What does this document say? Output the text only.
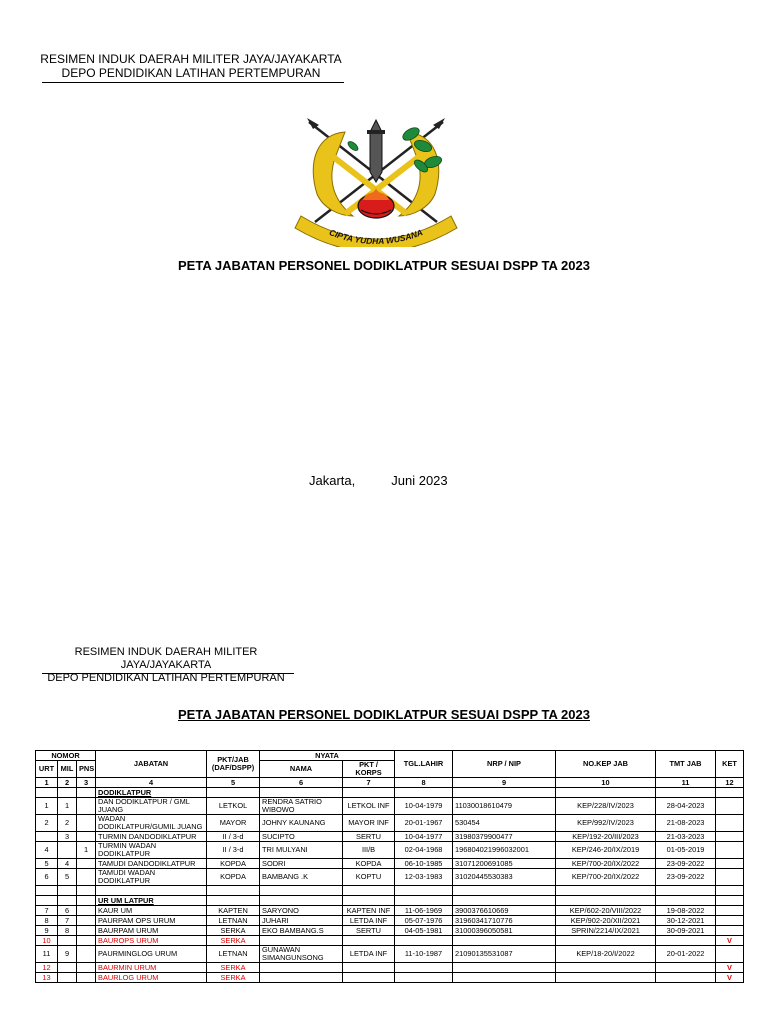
RESIMEN INDUK DAERAH MILITER JAYA/JAYAKARTA
DEPO PENDIDIKAN LATIHAN PERTEMPURAN
CIPTA YUDHA WUSANA
PETA JABATAN PERSONEL DODIKLATPUR SESUAI DSPP TA 2023
Jakarta,	Juni 2023
RESIMEN INDUK DAERAH MILITER JAYA/JAYAKARTA
DEPO PENDIDIKAN LATIHAN PERTEMPURAN
PETA JABATAN PERSONEL DODIKLATPUR SESUAI DSPP TA 2023
NOMOR			JABATAN	PKT/JAB (DAF/DSPP)	NYATA		TGL.LAHIR	NRP / NIP	NO.KEP JAB	TMT JAB	KET
URT	MIL	PNS			NAMA	PKT / KORPS					
1	2	3	4	5	6	7	8	9	10	11	12
			DODIKLATPUR								
1	1		DAN DODIKLATPUR / GML JUANG	LETKOL	RENDRA SATRIO WIBOWO	LETKOL INF	10-04-1979	11030018610479	KEP/228/IV/2023	28-04-2023	
2	2		WADAN DODIKLATPUR/GUMIL JUANG	MAYOR	JOHNY KAUNANG	MAYOR INF	20-01-1967	530454	KEP/992/IV/2023	21-08-2023	
	3		TURMIN DANDODIKLATPUR	II / 3-d	SUCIPTO	SERTU	10-04-1977	31980379900477	KEP/192-20/III/2023	21-03-2023	
4		1	TURMIN WADAN DODIKLATPUR	II / 3-d	TRI MULYANI	III/B	02-04-1968	196804021996032001	KEP/246-20/IX/2019	01-05-2019	
5	4		TAMUDI DANDODIKLATPUR	KOPDA	SODRI	KOPDA	06-10-1985	31071200691085	KEP/700-20/IX/2022	23-09-2022	
6	5		TAMUDI WADAN DODIKLATPUR	KOPDA	BAMBANG .K	KOPTU	12-03-1983	31020445530383	KEP/700-20/IX/2022	23-09-2022	

			UR UM LATPUR								
7	6		KAUR UM	KAPTEN	SARYONO	KAPTEN INF	11-06-1969	3900376610669	KEP/602-20/VIII/2022	19-08-2022	
8	7		PAURPAM OPS URUM	LETNAN	JUHARI	LETDA INF	05-07-1976	31960341710776	KEP/902-20/XII/2021	30-12-2021	
9	8		BAURPAM URUM	SERKA	EKO BAMBANG.S	SERTU	04-05-1981	31000396050581	SPRIN/2214/IX/2021	30-09-2021	
10			BAUROPS URUM	SERKA							V
11	9		PAURMINGLOG URUM	LETNAN	GUNAWAN SIMANGUNSONG	LETDA INF	11-10-1987	21090135531087	KEP/18-20/I/2022	20-01-2022	
12			BAURMIN URUM	SERKA							V
13			BAURLOG URUM	SERKA							V
